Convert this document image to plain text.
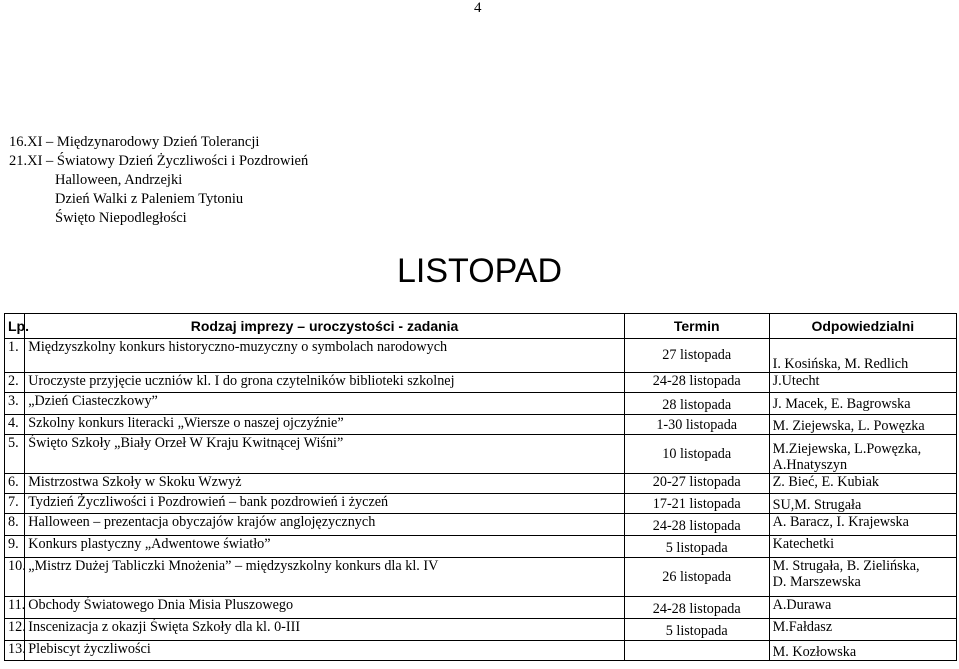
4
16.XI – Międzynarodowy Dzień Tolerancji
21.XI – Światowy Dzień Życzliwości i Pozdrowień
Halloween, Andrzejki
Dzień Walki z Paleniem Tytoniu
Święto Niepodległości
LISTOPAD
Lp.	Rodzaj imprezy – uroczystości - zadania	Termin	Odpowiedzialni
1.	Międzyszkolny konkurs historyczno-muzyczny o symbolach narodowych	27 listopada	I. Kosińska, M. Redlich

2.	Uroczyste przyjęcie uczniów kl. I do grona czytelników biblioteki szkolnej	24-28 listopada	J.Utecht

3.	„Dzień Ciasteczkowy”	28 listopada	J. Macek, E. Bagrowska

4.	Szkolny konkurs literacki „Wiersze o naszej ojczyźnie”	1-30 listopada	M. Ziejewska, L. Powęzka

5.	Święto Szkoły „Biały Orzeł W Kraju Kwitnącej Wiśni”	10 listopada	M.Ziejewska, L.Powęzka,
A.Hnatyszyn

6.	Mistrzostwa Szkoły w Skoku Wzwyż	20-27 listopada	Z. Bieć, E. Kubiak

7.	Tydzień Życzliwości i Pozdrowień – bank pozdrowień i życzeń	17-21 listopada	SU,M. Strugała

8.	Halloween – prezentacja obyczajów krajów anglojęzycznych	24-28 listopada	A. Baracz, I. Krajewska

9.	Konkurs plastyczny „Adwentowe światło”	5 listopada	Katechetki

10.	„Mistrz Dużej Tabliczki Mnożenia” – międzyszkolny konkurs dla kl. IV	26 listopada	M. Strugała, B. Zielińska,
D. Marszewska

11.	Obchody Światowego Dnia Misia Pluszowego	24-28 listopada	A.Durawa

12.	Inscenizacja z okazji Święta Szkoły dla kl. 0-III	5 listopada	M.Fałdasz

13.	Plebiscyt życzliwości		M. Kozłowska
